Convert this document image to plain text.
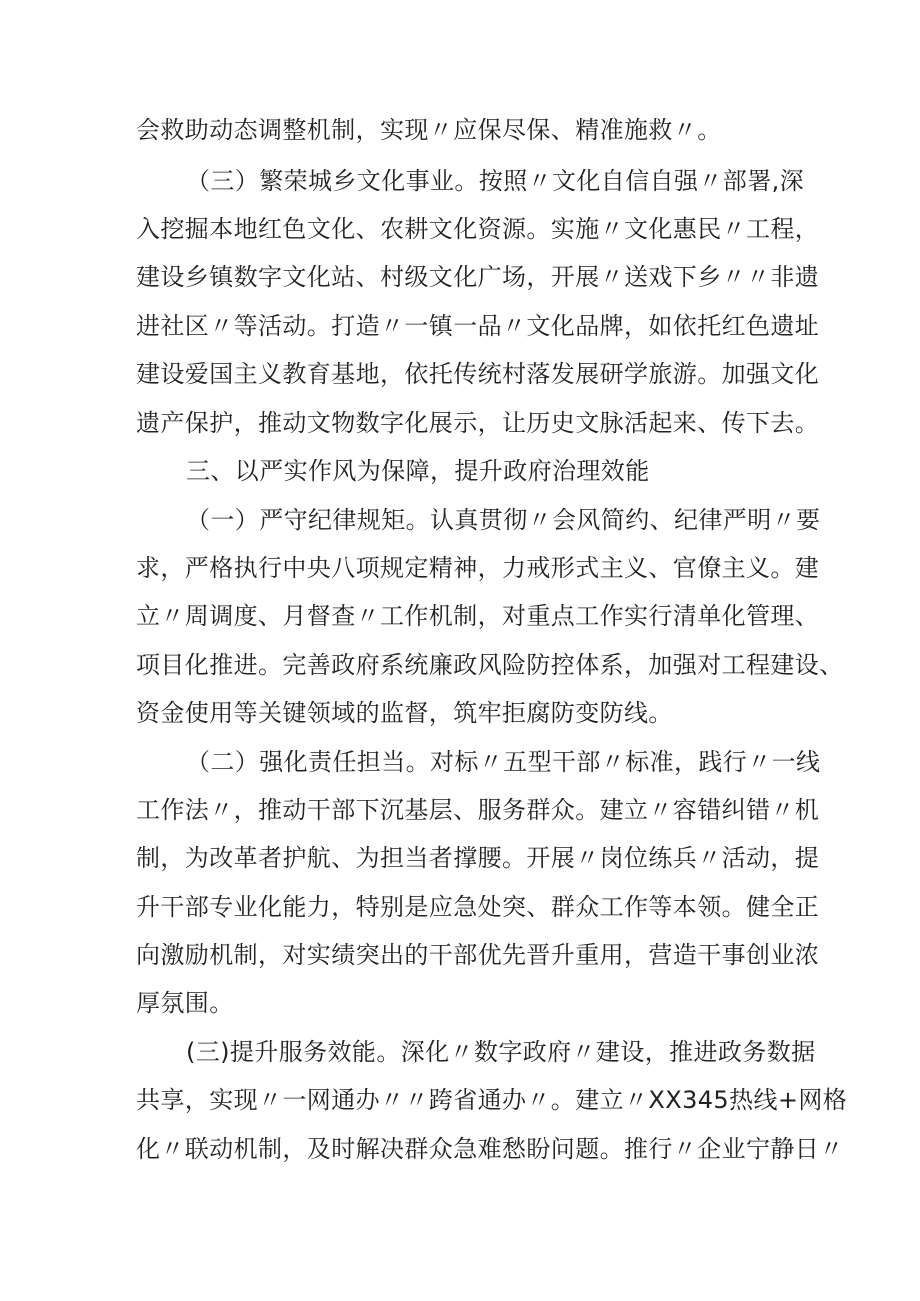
会救助动态调整机制，实现〃应保尽保、精准施救〃。

（三）繁荣城乡文化事业。按照〃文化自信自强〃部署,深

入挖掘本地红色文化、农耕文化资源。实施〃文化惠民〃工程，

建设乡镇数字文化站、村级文化广场，开展〃送戏下乡〃〃非遗

进社区〃等活动。打造〃一镇一品〃文化品牌，如依托红色遗址

建设爱国主义教育基地，依托传统村落发展研学旅游。加强文化

遗产保护，推动文物数字化展示，让历史文脉活起来、传下去。

三、以严实作风为保障，提升政府治理效能

（一）严守纪律规矩。认真贯彻〃会风简约、纪律严明〃要

求，严格执行中央八项规定精神，力戒形式主义、官僚主义。建

立〃周调度、月督查〃工作机制，对重点工作实行清单化管理、

项目化推进。完善政府系统廉政风险防控体系，加强对工程建设、

资金使用等关键领域的监督，筑牢拒腐防变防线。

（二）强化责任担当。对标〃五型干部〃标准，践行〃一线

工作法〃，推动干部下沉基层、服务群众。建立〃容错纠错〃机

制，为改革者护航、为担当者撑腰。开展〃岗位练兵〃活动，提

升干部专业化能力，特别是应急处突、群众工作等本领。健全正

向激励机制，对实绩突出的干部优先晋升重用，营造干事创业浓

厚氛围。

(三)提升服务效能。深化〃数字政府〃建设，推进政务数据

共享，实现〃一网通办〃〃跨省通办〃。建立〃XX345热线+网格

化〃联动机制，及时解决群众急难愁盼问题。推行〃企业宁静日〃
